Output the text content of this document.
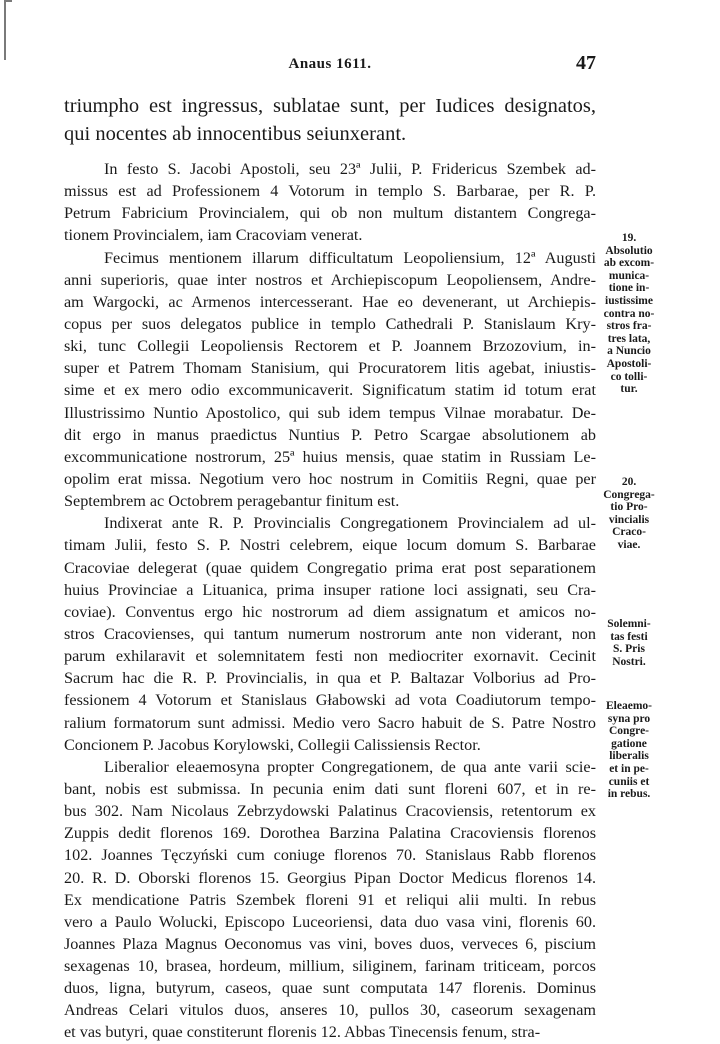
Anaus 1611.	47
triumpho est ingressus, sublatae sunt, per Iudices designatos,
qui nocentes ab innocentibus seiunxerant.
In festo S. Jacobi Apostoli, seu 23ª Julii, P. Fridericus Szembek ad-
missus est ad Professionem 4 Votorum in templo S. Barbarae, per R. P.
Petrum Fabricium Provincialem, qui ob non multum distantem Congrega-
tionem Provincialem, iam Cracoviam venerat.
Fecimus mentionem illarum difficultatum Leopoliensium, 12ª Augusti
anni superioris, quae inter nostros et Archiepiscopum Leopoliensem, Andre-
am Wargocki, ac Armenos intercesserant. Hae eo devenerant, ut Archiepis-
copus per suos delegatos publice in templo Cathedrali P. Stanislaum Kry-
ski, tunc Collegii Leopoliensis Rectorem et P. Joannem Brzozovium, in-
super et Patrem Thomam Stanisium, qui Procuratorem litis agebat, iniustis-
sime et ex mero odio excommunicaverit. Significatum statim id totum erat
Illustrissimo Nuntio Apostolico, qui sub idem tempus Vilnae morabatur. De-
dit ergo in manus praedictus Nuntius P. Petro Scargae absolutionem ab
excommunicatione nostrorum, 25ª huius mensis, quae statim in Russiam Le-
opolim erat missa. Negotium vero hoc nostrum in Comitiis Regni, quae per
Septembrem ac Octobrem peragebantur finitum est.
Indixerat ante R. P. Provincialis Congregationem Provincialem ad ul-
timam Julii, festo S. P. Nostri celebrem, eique locum domum S. Barbarae
Cracoviae delegerat (quae quidem Congregatio prima erat post separationem
huius Provinciae a Lituanica, prima insuper ratione loci assignati, seu Cra-
coviae). Conventus ergo hic nostrorum ad diem assignatum et amicos no-
stros Cracovienses, qui tantum numerum nostrorum ante non viderant, non
parum exhilaravit et solemnitatem festi non mediocriter exornavit. Cecinit
Sacrum hac die R. P. Provincialis, in qua et P. Baltazar Volborius ad Pro-
fessionem 4 Votorum et Stanislaus Głabowski ad vota Coadiutorum tempo-
ralium formatorum sunt admissi. Medio vero Sacro habuit de S. Patre Nostro
Concionem P. Jacobus Korylowski, Collegii Calissiensis Rector.
Liberalior eleaemosyna propter Congregationem, de qua ante varii scie-
bant, nobis est submissa. In pecunia enim dati sunt floreni 607, et in re-
bus 302. Nam Nicolaus Zebrzydowski Palatinus Cracoviensis, retentorum ex
Zuppis dedit florenos 169. Dorothea Barzina Palatina Cracoviensis florenos
102. Joannes Tęczyński cum coniuge florenos 70. Stanislaus Rabb florenos
20. R. D. Oborski florenos 15. Georgius Pipan Doctor Medicus florenos 14.
Ex mendicatione Patris Szembek floreni 91 et reliqui alii multi. In rebus
vero a Paulo Wolucki, Episcopo Luceoriensi, data duo vasa vini, florenis 60.
Joannes Plaza Magnus Oeconomus vas vini, boves duos, verveces 6, piscium
sexagenas 10, brasea, hordeum, millium, siliginem, farinam triticeam, porcos
duos, ligna, butyrum, caseos, quae sunt computata 147 florenis. Dominus
Andreas Celari vitulos duos, anseres 10, pullos 30, caseorum sexagenam
et vas butyri, quae constiterunt florenis 12. Abbas Tinecensis fenum, stra-
19.
Absolutio
ab excom-
munica-
tione in-
iustissime
contra no-
stros fra-
tres lata,
a Nuncio
Apostoli-
co tolli-
tur.
20.
Congrega-
tio Pro-
vincialis
Craco-
viae.
Solemni-
tas festi
S. Pris
Nostri.
Eleaemo-
syna pro
Congre-
gatione
liberalis
et in pe-
cuniis et
in rebus.
